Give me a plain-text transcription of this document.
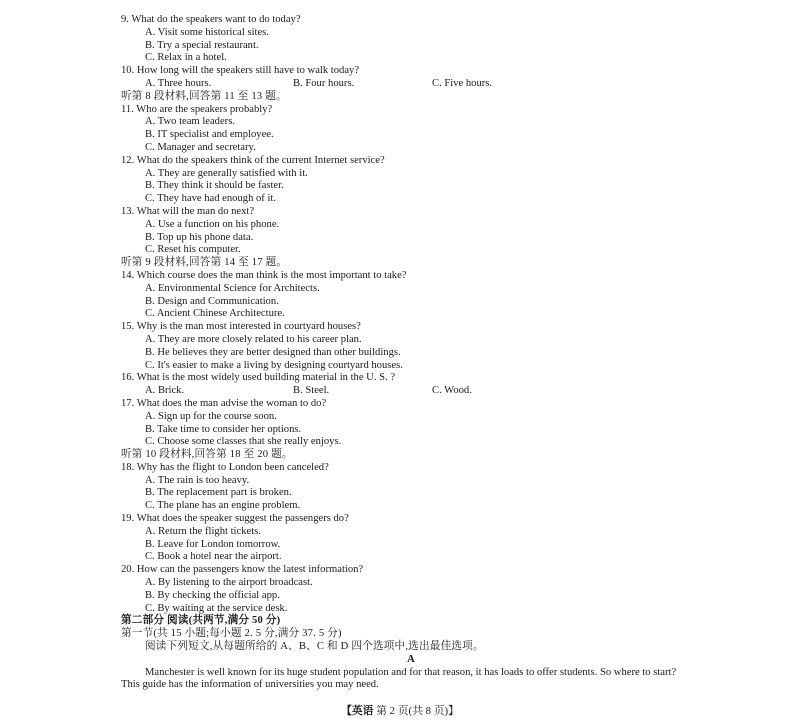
9. What do the speakers want to do today?
A. Visit some historical sites.
B. Try a special restaurant.
C. Relax in a hotel.
10. How long will the speakers still have to walk today?
A. Three hours.	B. Four hours.	C. Five hours.
听第 8 段材料,回答第 11 至 13 题。
11. Who are the speakers probably?
A. Two team leaders.
B. IT specialist and employee.
C. Manager and secretary.
12. What do the speakers think of the current Internet service?
A. They are generally satisfied with it.
B. They think it should be faster.
C. They have had enough of it.
13. What will the man do next?
A. Use a function on his phone.
B. Top up his phone data.
C. Reset his computer.
听第 9 段材料,回答第 14 至 17 题。
14. Which course does the man think is the most important to take?
A. Environmental Science for Architects.
B. Design and Communication.
C. Ancient Chinese Architecture.
15. Why is the man most interested in courtyard houses?
A. They are more closely related to his career plan.
B. He believes they are better designed than other buildings.
C. It's easier to make a living by designing courtyard houses.
16. What is the most widely used building material in the U. S. ?
A. Brick.	B. Steel.	C. Wood.
17. What does the man advise the woman to do?
A. Sign up for the course soon.
B. Take time to consider her options.
C. Choose some classes that she really enjoys.
听第 10 段材料,回答第 18 至 20 题。
18. Why has the flight to London been canceled?
A. The rain is too heavy.
B. The replacement part is broken.
C. The plane has an engine problem.
19. What does the speaker suggest the passengers do?
A. Return the flight tickets.
B. Leave for London tomorrow.
C. Book a hotel near the airport.
20. How can the passengers know the latest information?
A. By listening to the airport broadcast.
B. By checking the official app.
C. By waiting at the service desk.
第二部分 阅读(共两节,满分 50 分)
第一节(共 15 小题;每小题 2. 5 分,满分 37. 5 分)
阅读下列短文,从每题所给的 A、B、C 和 D 四个选项中,选出最佳选项。
A
Manchester is well known for its huge student population and for that reason, it has loads to offer students. So where to start? This guide has the information of universities you may need.
【英语 第 2 页(共 8 页)】
